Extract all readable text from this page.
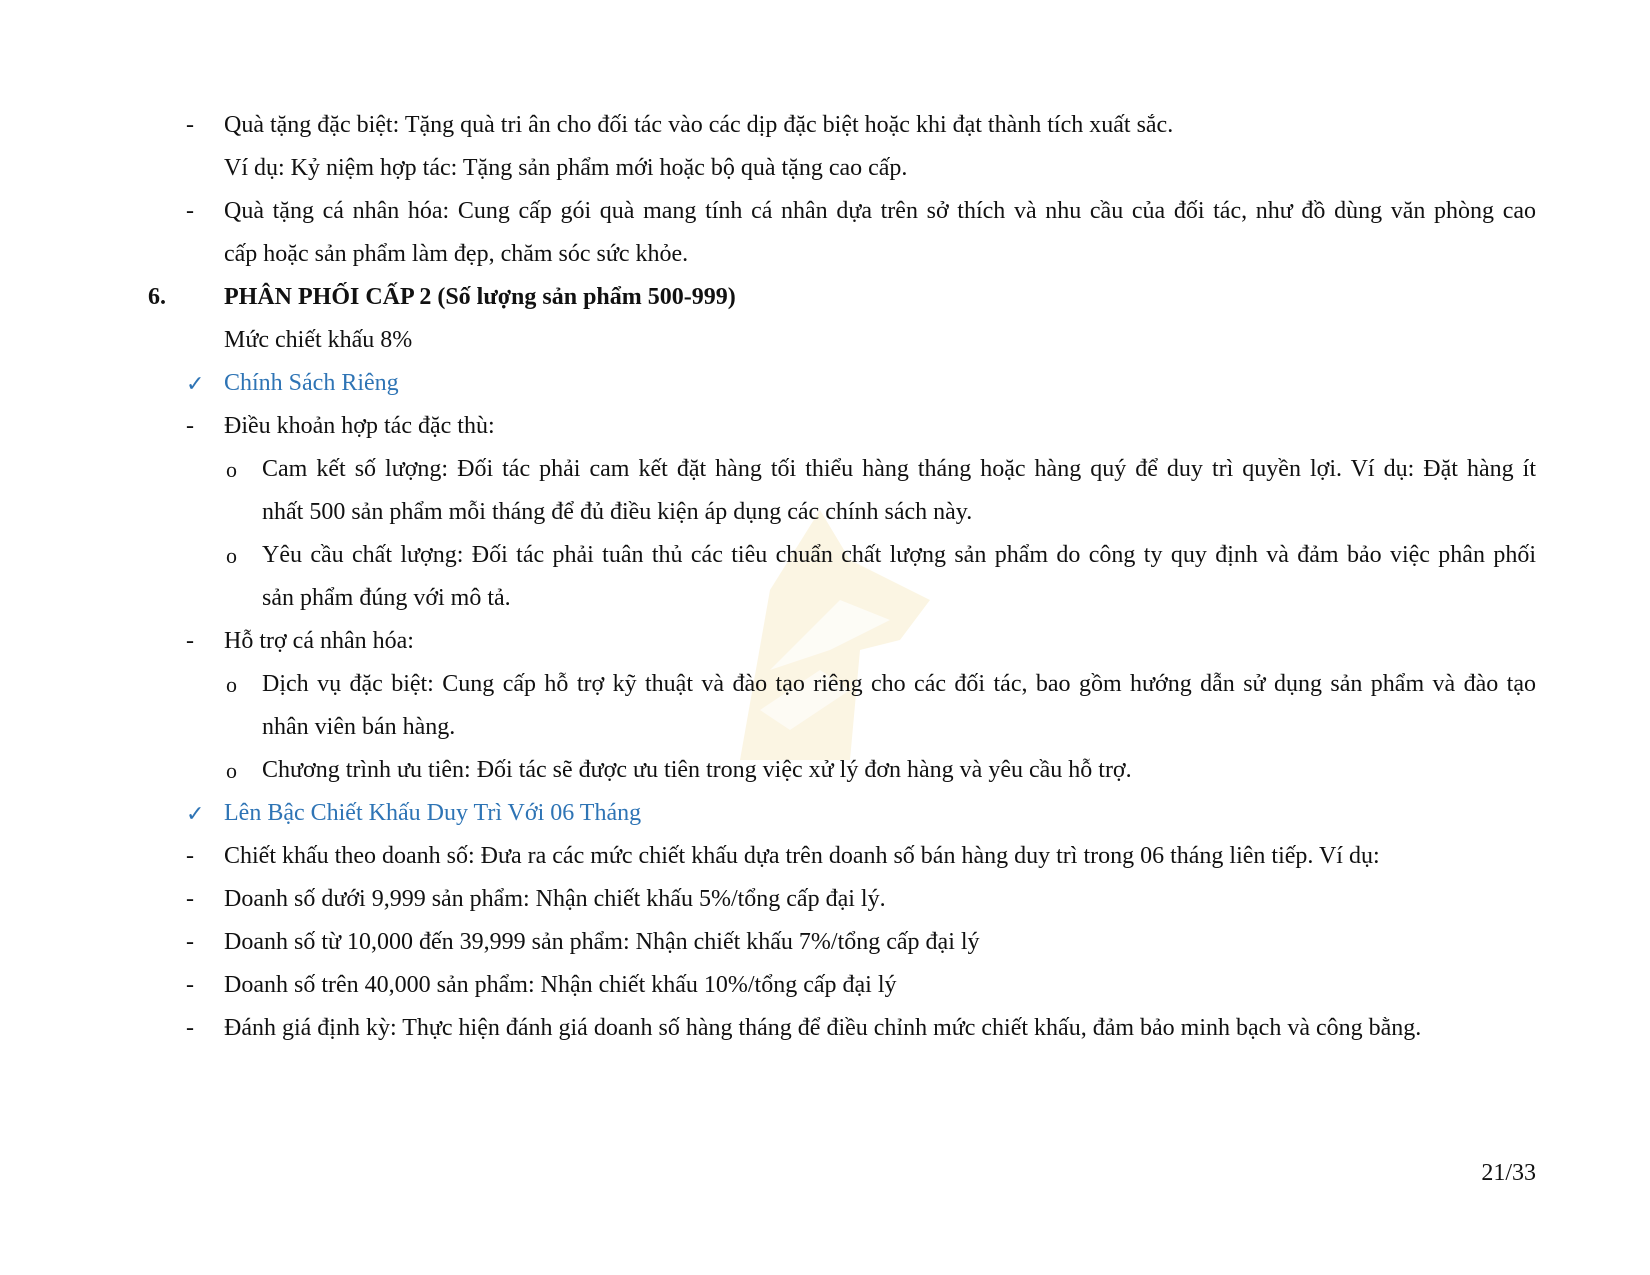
- Quà tặng đặc biệt: Tặng quà tri ân cho đối tác vào các dịp đặc biệt hoặc khi đạt thành tích xuất sắc.
Ví dụ: Kỷ niệm hợp tác: Tặng sản phẩm mới hoặc bộ quà tặng cao cấp.
- Quà tặng cá nhân hóa: Cung cấp gói quà mang tính cá nhân dựa trên sở thích và nhu cầu của đối tác, như đồ dùng văn phòng cao
cấp hoặc sản phẩm làm đẹp, chăm sóc sức khỏe.
6. PHÂN PHỐI CẤP 2 (Số lượng sản phẩm 500-999)
Mức chiết khấu 8%
✓ Chính Sách Riêng
- Điều khoản hợp tác đặc thù:
o Cam kết số lượng: Đối tác phải cam kết đặt hàng tối thiểu hàng tháng hoặc hàng quý để duy trì quyền lợi. Ví dụ: Đặt hàng ít
nhất 500 sản phẩm mỗi tháng để đủ điều kiện áp dụng các chính sách này.
o Yêu cầu chất lượng: Đối tác phải tuân thủ các tiêu chuẩn chất lượng sản phẩm do công ty quy định và đảm bảo việc phân phối
sản phẩm đúng với mô tả.
- Hỗ trợ cá nhân hóa:
o Dịch vụ đặc biệt: Cung cấp hỗ trợ kỹ thuật và đào tạo riêng cho các đối tác, bao gồm hướng dẫn sử dụng sản phẩm và đào tạo
nhân viên bán hàng.
o Chương trình ưu tiên: Đối tác sẽ được ưu tiên trong việc xử lý đơn hàng và yêu cầu hỗ trợ.
✓ Lên Bậc Chiết Khấu Duy Trì Với 06 Tháng
- Chiết khấu theo doanh số: Đưa ra các mức chiết khấu dựa trên doanh số bán hàng duy trì trong 06 tháng liên tiếp. Ví dụ:
- Doanh số dưới 9,999 sản phẩm: Nhận chiết khấu 5%/tổng cấp đại lý.
- Doanh số từ 10,000 đến 39,999 sản phẩm: Nhận chiết khấu 7%/tổng cấp đại lý
- Doanh số trên 40,000 sản phẩm: Nhận chiết khấu 10%/tổng cấp đại lý
- Đánh giá định kỳ: Thực hiện đánh giá doanh số hàng tháng để điều chỉnh mức chiết khấu, đảm bảo minh bạch và công bằng.
21/33
